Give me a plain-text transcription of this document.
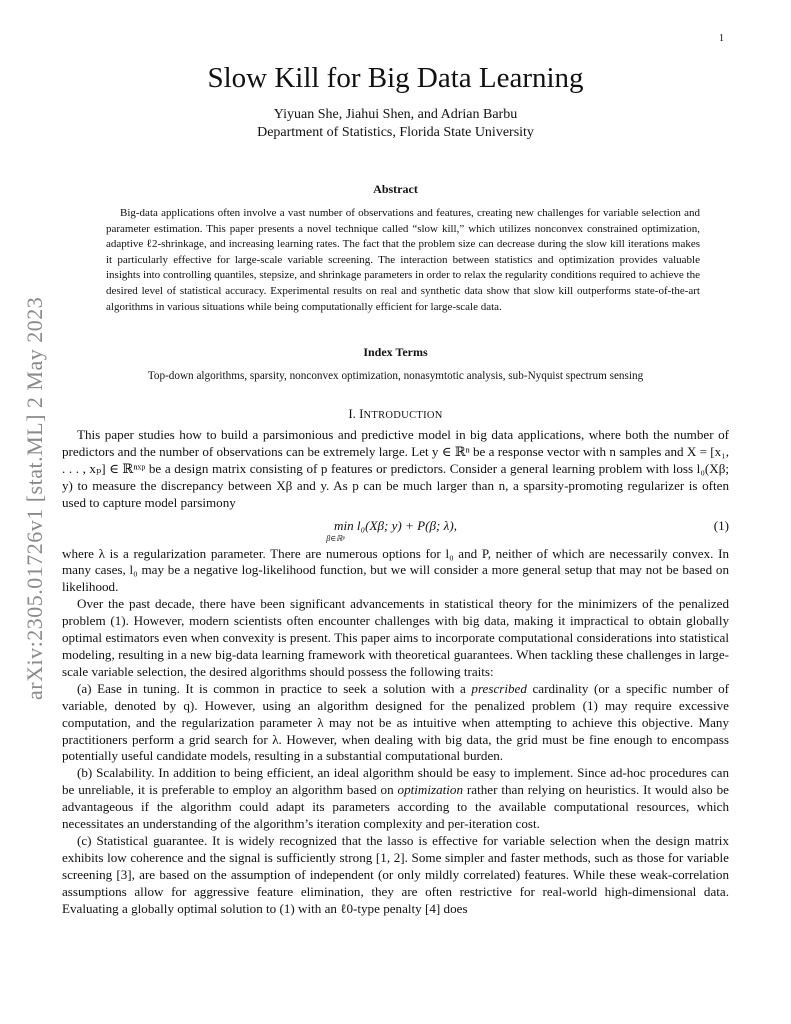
1
arXiv:2305.01726v1 [stat.ML] 2 May 2023
Slow Kill for Big Data Learning
Yiyuan She, Jiahui Shen, and Adrian Barbu
Department of Statistics, Florida State University
Abstract
Big-data applications often involve a vast number of observations and features, creating new challenges for variable selection and parameter estimation. This paper presents a novel technique called “slow kill,” which utilizes nonconvex constrained optimization, adaptive ℓ2-shrinkage, and increasing learning rates. The fact that the problem size can decrease during the slow kill iterations makes it particularly effective for large-scale variable screening. The interaction between statistics and optimization provides valuable insights into controlling quantiles, stepsize, and shrinkage parameters in order to relax the regularity conditions required to achieve the desired level of statistical accuracy. Experimental results on real and synthetic data show that slow kill outperforms state-of-the-art algorithms in various situations while being computationally efficient for large-scale data.
Index Terms
Top-down algorithms, sparsity, nonconvex optimization, nonasymtotic analysis, sub-Nyquist spectrum sensing
I. INTRODUCTION

This paper studies how to build a parsimonious and predictive model in big data applications, where both the number of predictors and the number of observations can be extremely large. Let y ∈ ℝⁿ be a response vector with n samples and X = [x₁, . . . , xₚ] ∈ ℝⁿˣᵖ be a design matrix consisting of p features or predictors. Consider a general learning problem with loss l₀(Xβ; y) to measure the discrepancy between Xβ and y. As p can be much larger than n, a sparsity-promoting regularizer is often used to capture model parsimony

min l₀(Xβ; y) + P(β; λ),
β∈ℝᵖ
(1)

where λ is a regularization parameter. There are numerous options for l₀ and P, neither of which are necessarily convex. In many cases, l₀ may be a negative log-likelihood function, but we will consider a more general setup that may not be based on likelihood.

Over the past decade, there have been significant advancements in statistical theory for the minimizers of the penalized problem (1). However, modern scientists often encounter challenges with big data, making it impractical to obtain globally optimal estimators even when convexity is present. This paper aims to incorporate computational considerations into statistical modeling, resulting in a new big-data learning framework with theoretical guarantees. When tackling these challenges in large-scale variable selection, the desired algorithms should possess the following traits:

(a) Ease in tuning. It is common in practice to seek a solution with a prescribed cardinality (or a specific number of variable, denoted by q). However, using an algorithm designed for the penalized problem (1) may require excessive computation, and the regularization parameter λ may not be as intuitive when attempting to achieve this objective. Many practitioners perform a grid search for λ. However, when dealing with big data, the grid must be fine enough to encompass potentially useful candidate models, resulting in a substantial computational burden.

(b) Scalability. In addition to being efficient, an ideal algorithm should be easy to implement. Since ad-hoc procedures can be unreliable, it is preferable to employ an algorithm based on optimization rather than relying on heuristics. It would also be advantageous if the algorithm could adapt its parameters according to the available computational resources, which necessitates an understanding of the algorithm’s iteration complexity and per-iteration cost.

(c) Statistical guarantee. It is widely recognized that the lasso is effective for variable selection when the design matrix exhibits low coherence and the signal is sufficiently strong [1, 2]. Some simpler and faster methods, such as those for variable screening [3], are based on the assumption of independent (or only mildly correlated) features. While these weak-correlation assumptions allow for aggressive feature elimination, they are often restrictive for real-world high-dimensional data. Evaluating a globally optimal solution to (1) with an ℓ0-type penalty [4] does
